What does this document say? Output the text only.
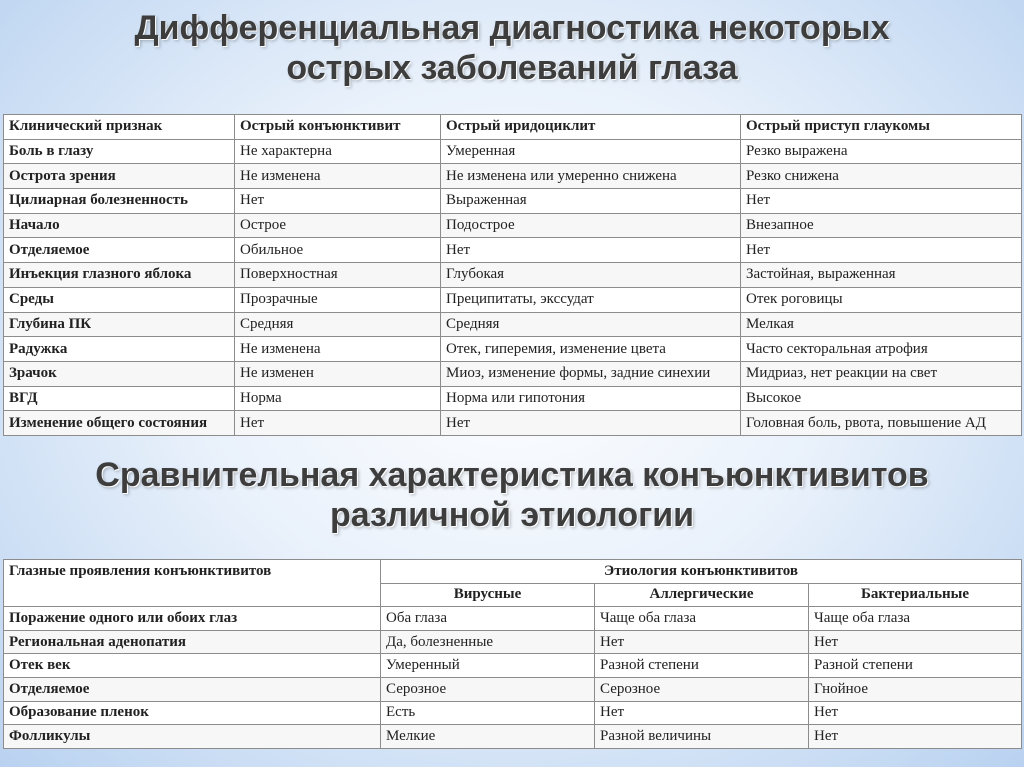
Дифференциальная диагностика некоторых
острых заболеваний глаза
Клинический признак	Острый конъюнктивит	Острый иридоциклит	Острый приступ глаукомы
Боль в глазу	Не характерна	Умеренная	Резко выражена
Острота зрения	Не изменена	Не изменена или умеренно снижена	Резко снижена
Цилиарная болезненность	Нет	Выраженная	Нет
Начало	Острое	Подострое	Внезапное
Отделяемое	Обильное	Нет	Нет
Инъекция глазного яблока	Поверхностная	Глубокая	Застойная, выраженная
Среды	Прозрачные	Преципитаты, экссудат	Отек роговицы
Глубина ПК	Средняя	Средняя	Мелкая
Радужка	Не изменена	Отек, гиперемия, изменение цвета	Часто секторальная атрофия
Зрачок	Не изменен	Миоз, изменение формы, задние синехии	Мидриаз, нет реакции на свет
ВГД	Норма	Норма или гипотония	Высокое
Изменение общего состояния	Нет	Нет	Головная боль, рвота, повышение АД
Сравнительная характеристика конъюнктивитов
различной этиологии
Глазные проявления конъюнктивитов	Этиология конъюнктивитов		
	Вирусные	Аллергические	Бактериальные
Поражение одного или обоих глаз	Оба глаза	Чаще оба глаза	Чаще оба глаза
Региональная аденопатия	Да, болезненные	Нет	Нет
Отек век	Умеренный	Разной степени	Разной степени
Отделяемое	Серозное	Серозное	Гнойное
Образование пленок	Есть	Нет	Нет
Фолликулы	Мелкие	Разной величины	Нет
